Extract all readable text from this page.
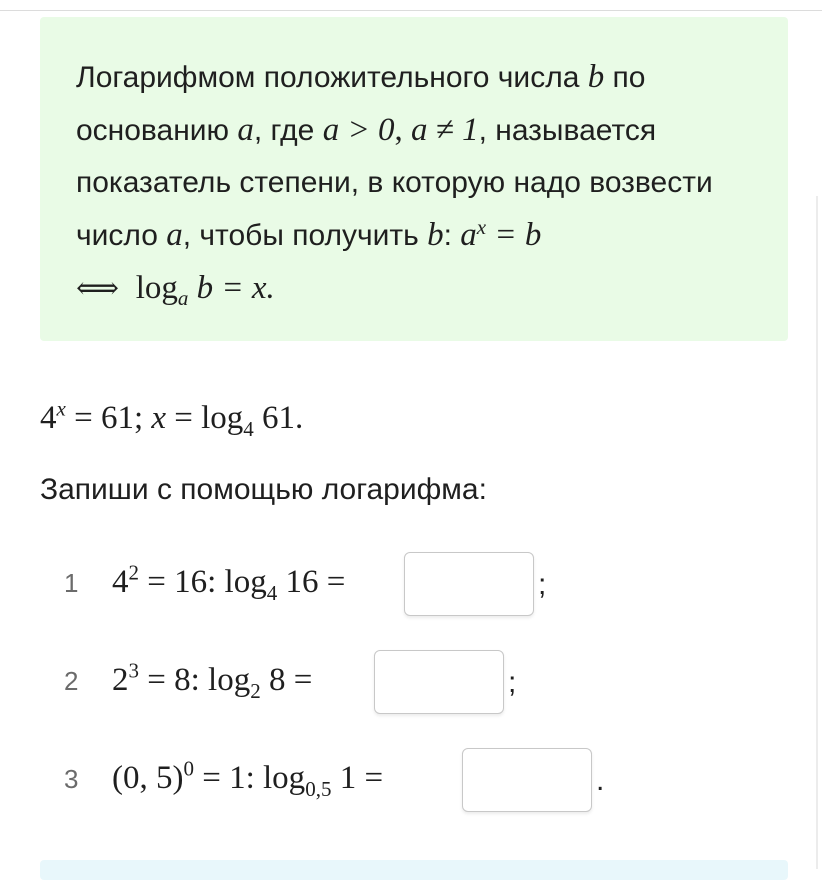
Логарифмом положительного числа b по основанию a, где a > 0, a ≠ 1, называется показатель степени, в которую надо возвести число a, чтобы получить b: $a^x = b$
⟺ $\log_a b = x$.
$4^x = 61$; $x = \log_4 61$.
Запиши с помощью логарифма:
1 $4^2 = 16$: $\log_4 16$ =	;
2 $2^3 = 8$: $\log_2 8$ =	;
3 (0, 5)$^0$ = 1: $\log_{0,5} 1$ =	.
